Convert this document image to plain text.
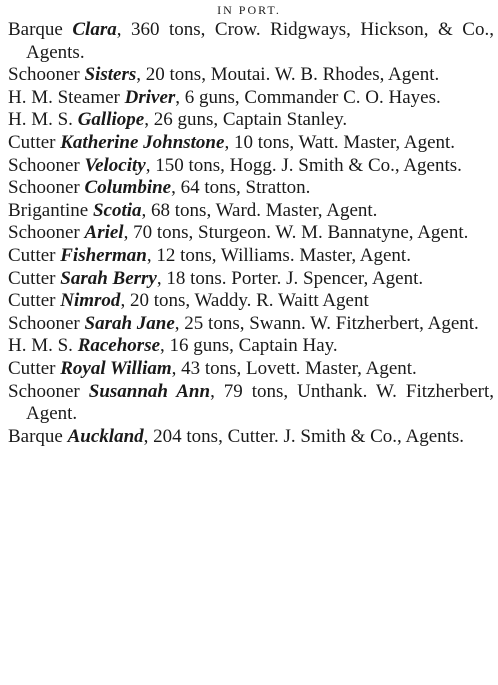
IN PORT.

Barque Clara, 360 tons, Crow. Ridgways, Hickson, & Co., Agents.

Schooner Sisters, 20 tons, Moutai. W. B. Rhodes, Agent.

H. M. Steamer Driver, 6 guns, Commander C. O. Hayes.

H. M. S. Galliope, 26 guns, Captain Stanley.

Cutter Katherine Johnstone, 10 tons, Watt. Master, Agent.

Schooner Velocity, 150 tons, Hogg. J. Smith & Co., Agents.

Schooner Columbine, 64 tons, Stratton.

Brigantine Scotia, 68 tons, Ward. Master, Agent.

Schooner Ariel, 70 tons, Sturgeon. W. M. Bannatyne, Agent.

Cutter Fisherman, 12 tons, Williams. Master, Agent.

Cutter Sarah Berry, 18 tons. Porter. J. Spencer, Agent.

Cutter Nimrod, 20 tons, Waddy. R. Waitt Agent

Schooner Sarah Jane, 25 tons, Swann. W. Fitzherbert, Agent.

H. M. S. Racehorse, 16 guns, Captain Hay.

Cutter Royal William, 43 tons, Lovett. Master, Agent.

Schooner Susannah Ann, 79 tons, Unthank. W. Fitzherbert, Agent.

Barque Auckland, 204 tons, Cutter. J. Smith & Co., Agents.
